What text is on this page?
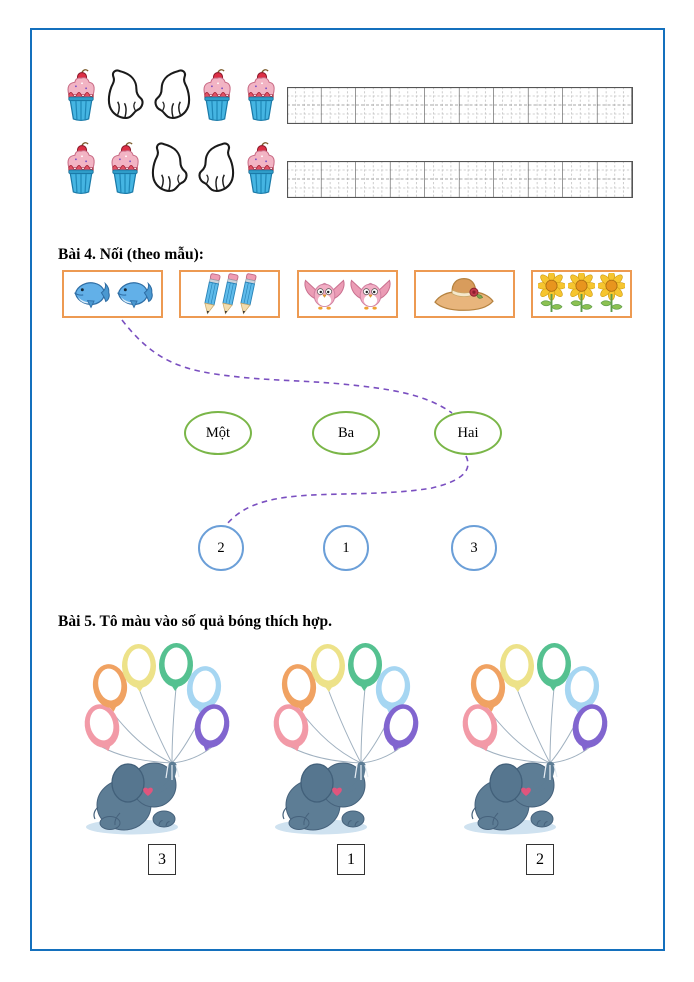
Bài 4. Nối (theo mẫu):
Một	Ba	Hai
2	1	3
Bài 5. Tô màu vào số quả bóng thích hợp.
3	1	2
